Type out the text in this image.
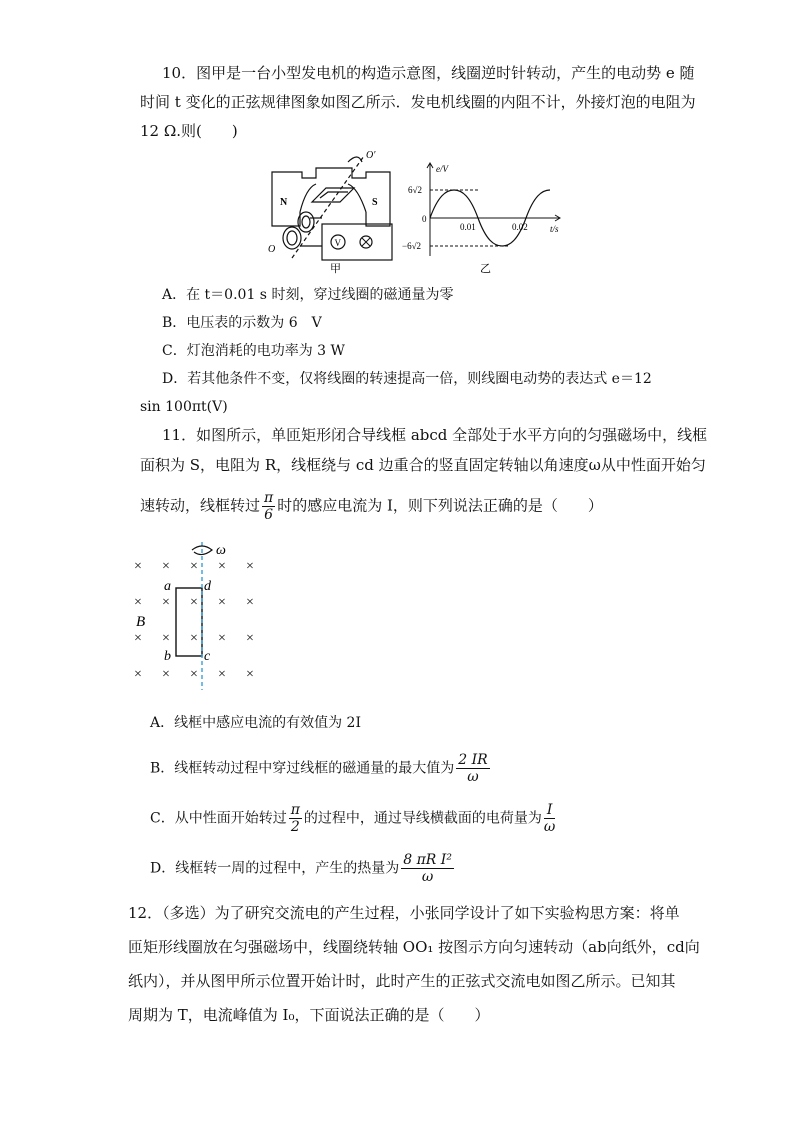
10．图甲是一台小型发电机的构造示意图，线圈逆时针转动，产生的电动势 e 随
时间 t 变化的正弦规律图象如图乙所示．发电机线圈的内阻不计，外接灯泡的电阻为
12 Ω.则(　　)
V
N	S
O′
O
甲
e/V
t/s
6√2
−6√2
0
0.01	0.02
乙
A．在 t＝0.01 s 时刻，穿过线圈的磁通量为零
B．电压表的示数为 6　V
C．灯泡消耗的电功率为 3 W
D．若其他条件不变，仅将线圈的转速提高一倍，则线圈电动势的表达式 e＝12
sin 100πt(V)
11．如图所示，单匝矩形闭合导线框 abcd 全部处于水平方向的匀强磁场中，线框
面积为 S，电阻为 R，线框绕与 cd 边重合的竖直固定转轴以角速度ω从中性面开始匀
速转动，线框转过 $\frac{\pi}{6}$ 时的感应电流为 I，则下列说法正确的是（　　）
× × × × ×
× × × × ×
× × × × ×
× × × × ×
ω
a d
b c
B
A．线框中感应电流的有效值为 2I
B．线框转动过程中穿过线框的磁通量的最大值为 $\frac{2 IR}{\omega}$
C．从中性面开始转过 $\frac{\pi}{2}$ 的过程中，通过导线横截面的电荷量为 $\frac{I}{\omega}$
D．线框转一周的过程中，产生的热量为 $\frac{\text{8 πR I²}}{\omega}$
12．（多选）为了研究交流电的产生过程，小张同学设计了如下实验构思方案：将单
匝矩形线圈放在匀强磁场中，线圈绕转轴 OO₁ 按图示方向匀速转动（ab向纸外，cd向
纸内），并从图甲所示位置开始计时，此时产生的正弦式交流电如图乙所示。已知其
周期为 T，电流峰值为 I₀，下面说法正确的是（　　）
